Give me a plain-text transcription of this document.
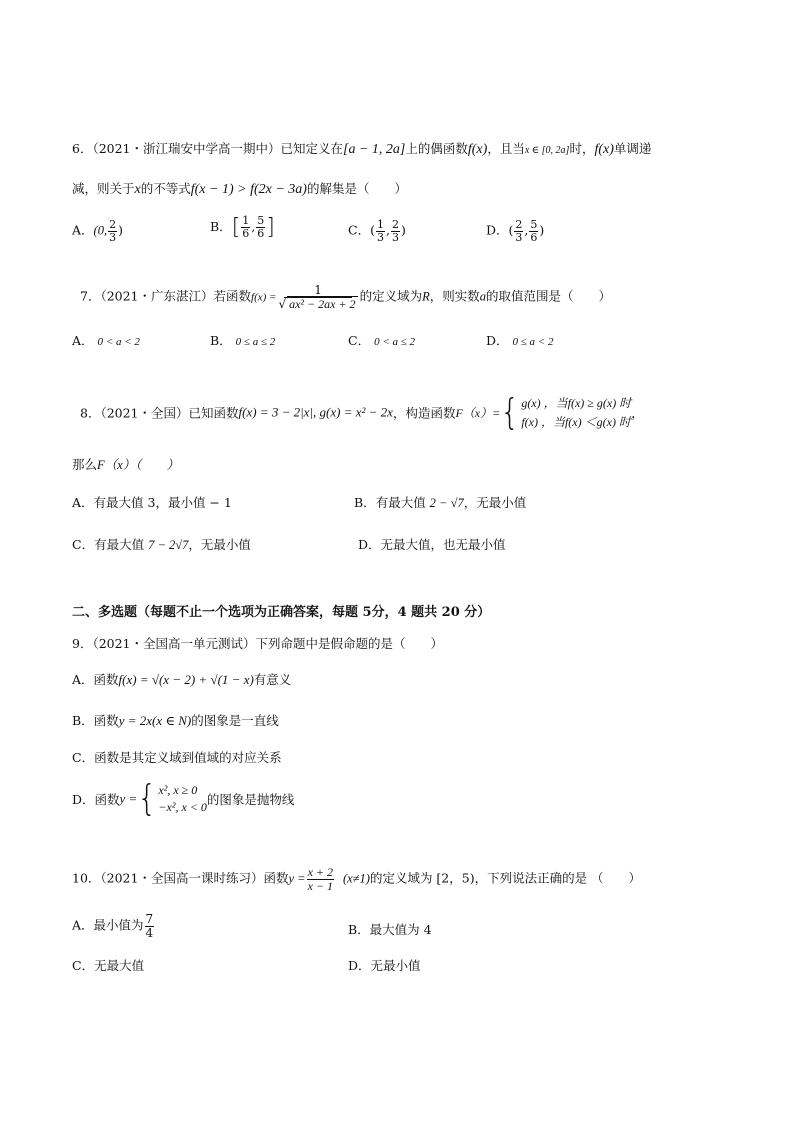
6．（2021・浙江瑞安中学高一期中）已知定义在[a − 1, 2a]上的偶函数f(x)，且当x ∈ [0, 2a]时，f(x)单调递
减，则关于x的不等式f(x − 1) > f(2x − 3a)的解集是（　　）
A．(0, $\frac{2}{3}$ )	B．[ $\frac{1}{6}$ , $\frac{5}{6}$ ]	C．( $\frac{1}{3}$ , $\frac{2}{3}$ )	D．( $\frac{2}{3}$ , $\frac{5}{6}$ )
7．（2021・广东湛江）若函数$f(x) = \frac{1}{\text{√ ax² − 2ax + 2}}$ 的定义域为R，则实数a的取值范围是（　　）
A． 0 < a < 2	B． 0 ≤ a ≤ 2	C． 0 < a ≤ 2	D． 0 ≤ a < 2
8．（2021・全国）已知函数f(x) = 3 − 2|x|, g(x) = x² − 2x，构造函数F（x）={ g(x) ，当f(x) ≥ g(x) 时
f(x) ，当f(x) ＜g(x) 时
，
那么F（x）（　　）
A．有最大值 3，最小值 − 1	B．有最大值 2 − √7，无最小值
C．有最大值 7 − 2√7，无最小值	D．无最大值，也无最小值
二、多选题（每题不止一个选项为正确答案，每题 5分，4 题共 20 分）
9．（2021・全国高一单元测试）下列命题中是假命题的是（　　）
A．函数f(x) = √(x − 2) + √(1 − x)有意义
B．函数y = 2x(x ∈ N)的图象是一直线
C．函数是其定义域到值域的对应关系
D．函数y ={ x², x ≥ 0
−x², x < 0 的图象是抛物线
10．（2021・全国高一课时练习）函数$y = \frac{x + 2}{x - 1} (x\ne 1)$的定义域为 [2，5)，下列说法正确的是 （　　）
A．最小值为 $\frac{7}{4}$	B．最大值为 4
C．无最大值	D．无最小值
